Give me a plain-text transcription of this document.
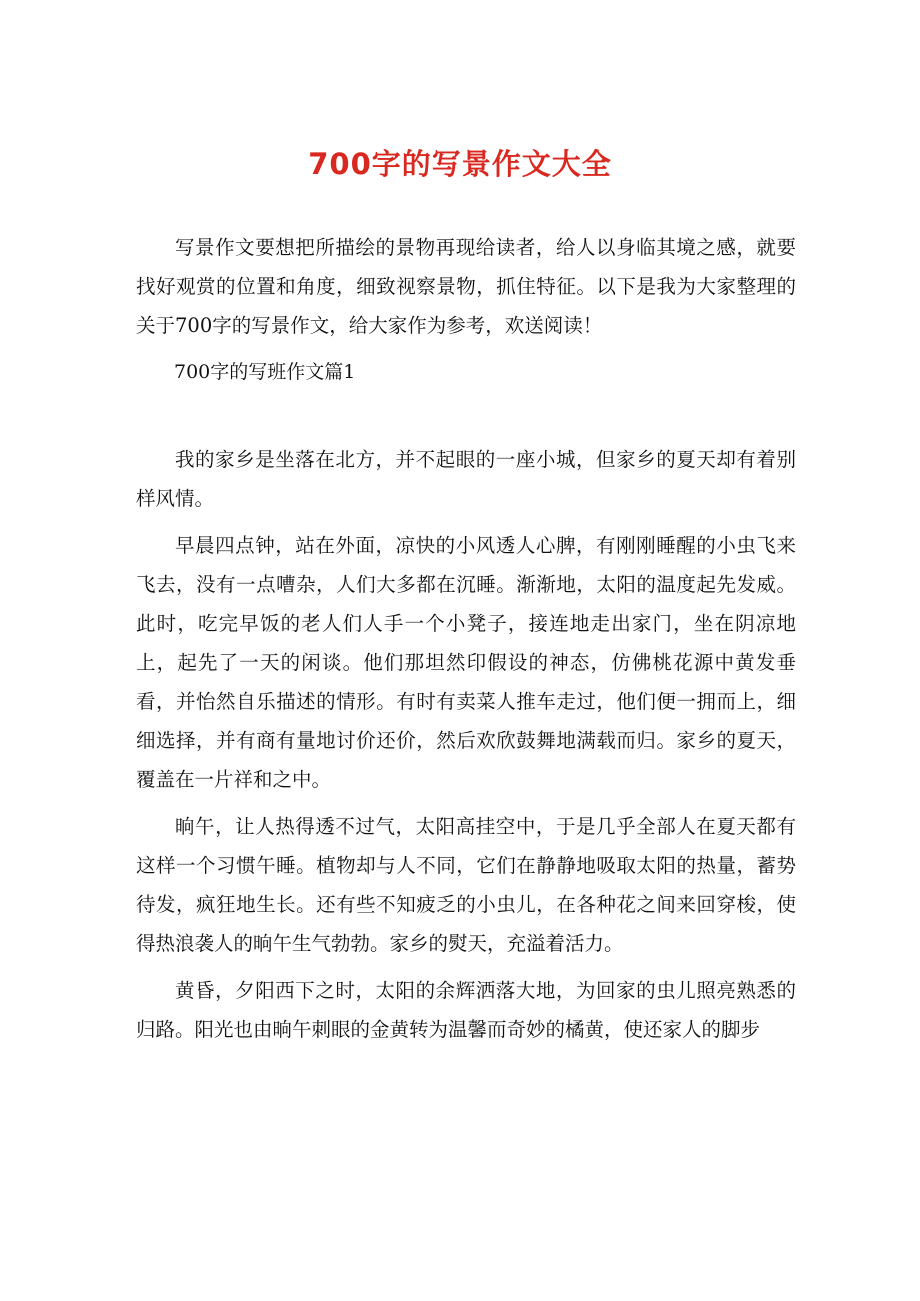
700字的写景作文大全

写景作文要想把所描绘的景物再现给读者，给人以身临其境之感，就要找好观赏的位置和角度，细致视察景物，抓住特征。以下是我为大家整理的关于700字的写景作文，给大家作为参考，欢送阅读！

700字的写班作文篇1

我的家乡是坐落在北方，并不起眼的一座小城，但家乡的夏天却有着别样风情。

早晨四点钟，站在外面，凉快的小风透人心脾，有刚刚睡醒的小虫飞来飞去，没有一点嘈杂，人们大多都在沉睡。渐渐地，太阳的温度起先发威。此时，吃完早饭的老人们人手一个小凳子，接连地走出家门，坐在阴凉地上，起先了一天的闲谈。他们那坦然印假设的神态，仿佛桃花源中黄发垂看，并怡然自乐描述的情形。有时有卖菜人推车走过，他们便一拥而上，细细选择，并有商有量地讨价还价，然后欢欣鼓舞地满载而归。家乡的夏天，覆盖在一片祥和之中。

晌午，让人热得透不过气，太阳高挂空中，于是几乎全部人在夏天都有这样一个习惯午睡。植物却与人不同，它们在静静地吸取太阳的热量，蓄势待发，疯狂地生长。还有些不知疲乏的小虫儿，在各种花之间来回穿梭，使得热浪袭人的晌午生气勃勃。家乡的熨天，充溢着活力。

黄昏，夕阳西下之时，太阳的余辉洒落大地，为回家的虫儿照亮熟悉的归路。阳光也由晌午刺眼的金黄转为温馨而奇妙的橘黄，使还家人的脚步
